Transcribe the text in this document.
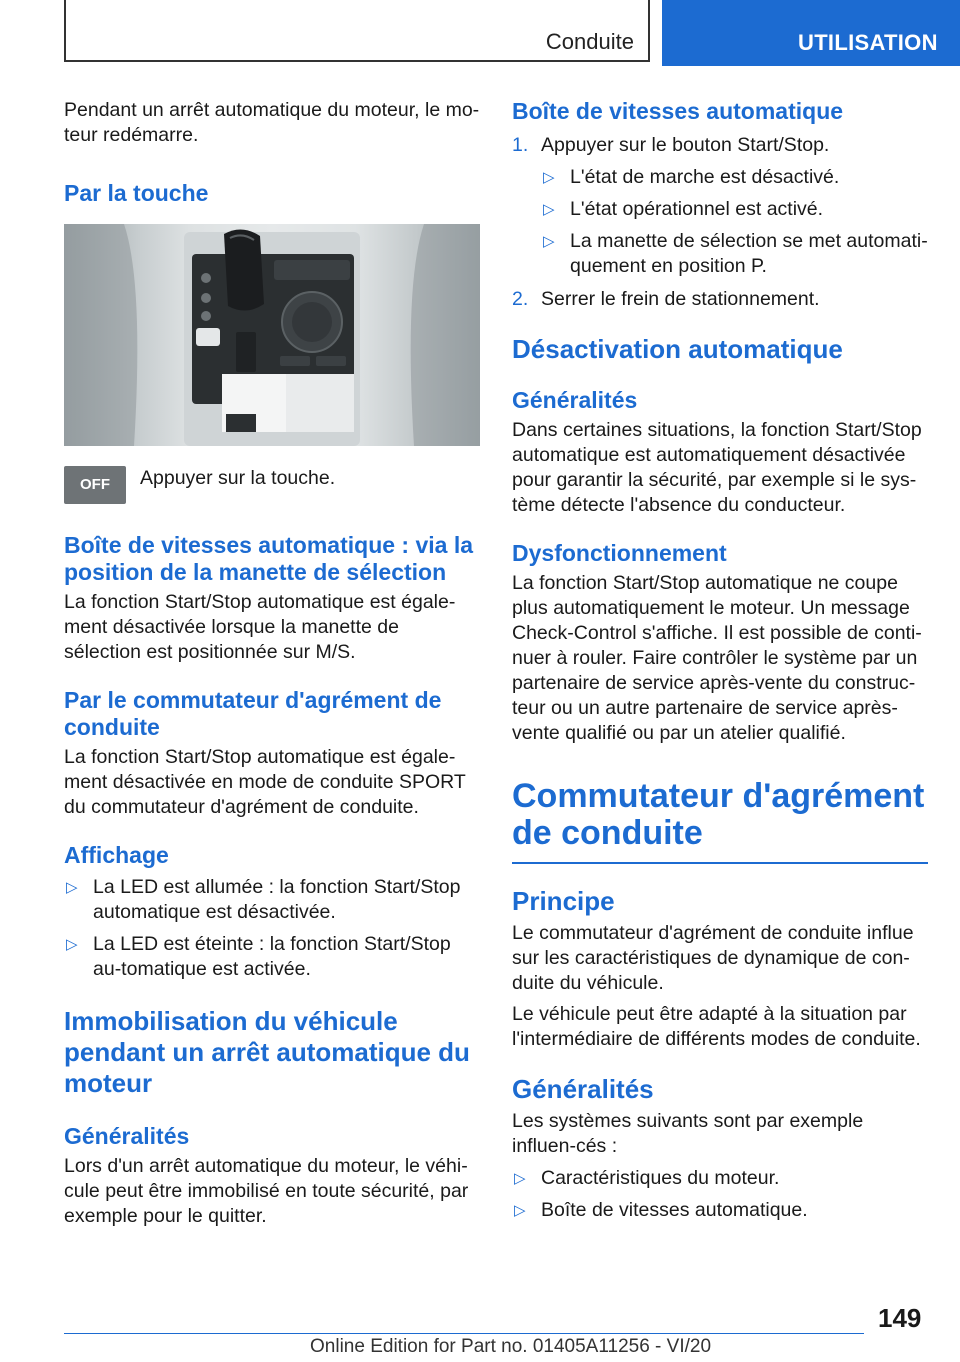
Conduite	UTILISATION

Pendant un arrêt automatique du moteur, le mo-teur redémarre.

Par la touche
OFF	Appuyer sur la touche.

Boîte de vitesses automatique : via la position de la manette de sélection

La fonction Start/Stop automatique est égale-ment désactivée lorsque la manette de sélection est positionnée sur M/S.

Par le commutateur d'agrément de conduite

La fonction Start/Stop automatique est égale-ment désactivée en mode de conduite SPORT du commutateur d'agrément de conduite.

Affichage
▷ La LED est allumée : la fonction Start/Stop automatique est désactivée.
▷ La LED est éteinte : la fonction Start/Stop au-tomatique est activée.
Immobilisation du véhicule pendant un arrêt automatique du moteur
Généralités

Lors d'un arrêt automatique du moteur, le véhi-cule peut être immobilisé en toute sécurité, par exemple pour le quitter.

Boîte de vitesses automatique
1. Appuyer sur le bouton Start/Stop.
▷ L'état de marche est désactivé.
▷ L'état opérationnel est activé.
▷ La manette de sélection se met automati-quement en position P.
2. Serrer le frein de stationnement.
Désactivation automatique
Généralités

Dans certaines situations, la fonction Start/Stop automatique est automatiquement désactivée pour garantir la sécurité, par exemple si le sys-tème détecte l'absence du conducteur.

Dysfonctionnement

La fonction Start/Stop automatique ne coupe plus automatiquement le moteur. Un message Check-Control s'affiche. Il est possible de conti-nuer à rouler. Faire contrôler le système par un partenaire de service après-vente du construc-teur ou un autre partenaire de service après-vente qualifié ou par un atelier qualifié.

Commutateur d'agrément de conduite
Principe

Le commutateur d'agrément de conduite influe sur les caractéristiques de dynamique de con-duite du véhicule.

Le véhicule peut être adapté à la situation par l'intermédiaire de différents modes de conduite.

Généralités

Les systèmes suivants sont par exemple influen-cés :

▷ Caractéristiques du moteur.
▷ Boîte de vitesses automatique.
149
Online Edition for Part no. 01405A11256 - VI/20
